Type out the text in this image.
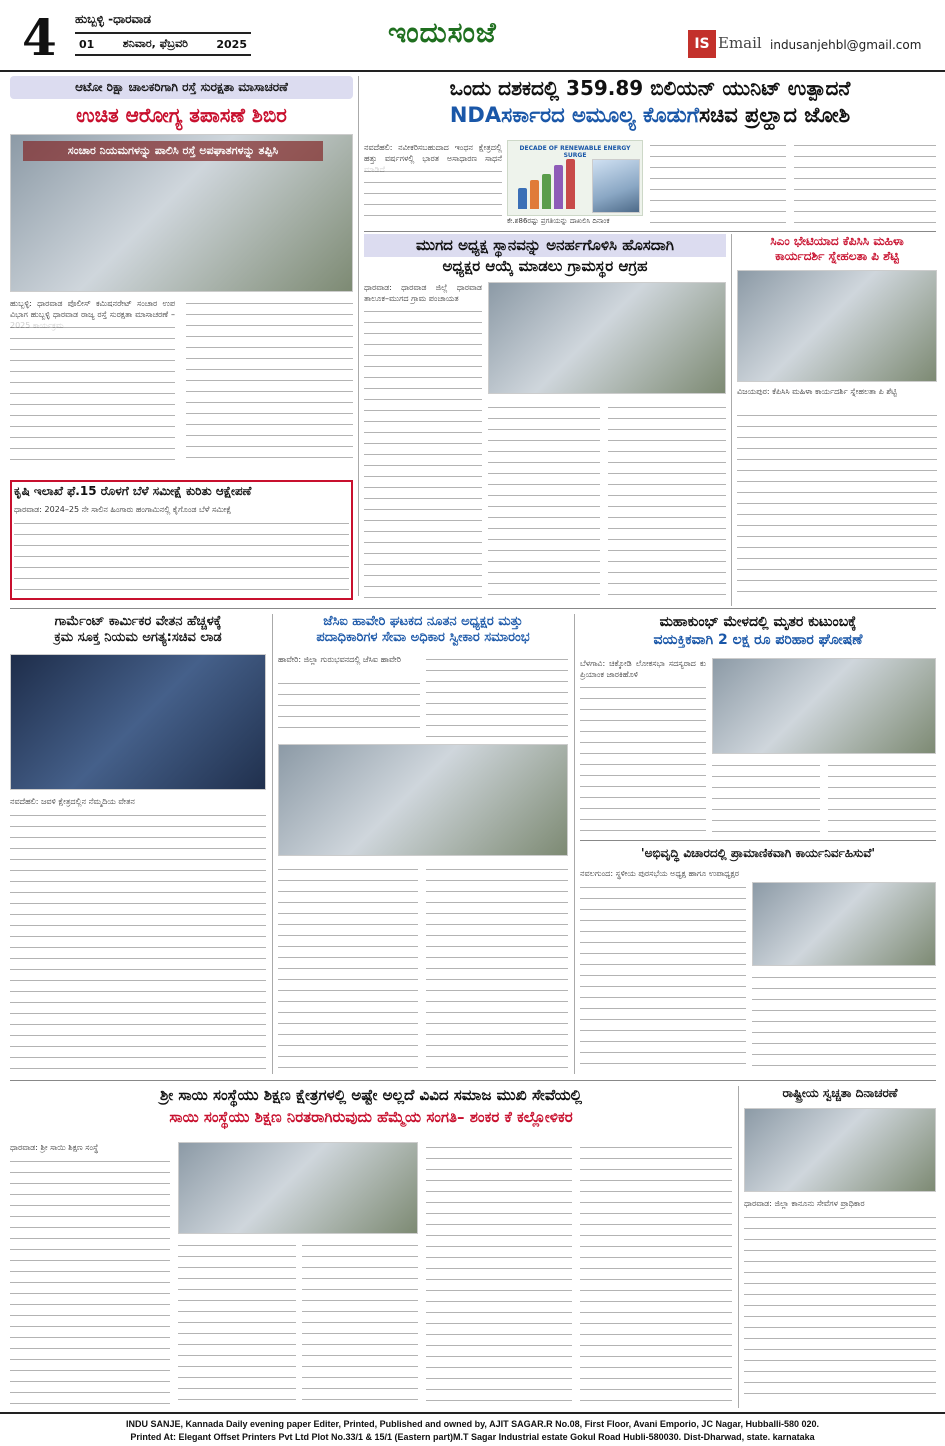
4 ಹುಬ್ಬಳ್ಳಿ -ಧಾರವಾಡ
01	ಶನಿವಾರ, ಫೆಬ್ರವರಿ	2025	ಇಂದುಸಂಜೆ	IS Email indusanjehbl@gmail.com
ಆಟೋ ರಿಕ್ಷಾ ಚಾಲಕರಿಗಾಗಿ ರಸ್ತೆ ಸುರಕ್ಷತಾ ಮಾಸಾಚರಣೆ
ಉಚಿತ ಆರೋಗ್ಯ ತಪಾಸಣೆ ಶಿಬಿರ
ಸಂಚಾರ ನಿಯಮಗಳನ್ನು ಪಾಲಿಸಿ ರಸ್ತೆ ಅಪಘಾತಗಳನ್ನು ತಪ್ಪಿಸಿ
ಹುಬ್ಬಳ್ಳಿ: ಧಾರವಾಡ ಪೊಲೀಸ್ ಕಮಿಷನರೇಟ್ ಸಂಚಾರ ಉಪ ವಿಭಾಗ ಹುಬ್ಬಳ್ಳಿ ಧಾರವಾಡ ರಾಜ್ಯ ರಸ್ತೆ ಸುರಕ್ಷತಾ ಮಾಸಾಚರಣೆ –
ಒಂದು ದಶಕದಲ್ಲಿ 359.89 ಬಿಲಿಯನ್ ಯುನಿಟ್ ಉತ್ಪಾದನೆ
NDAಸರ್ಕಾರದ ಅಮೂಲ್ಯ ಕೊಡುಗೆಸಚಿವ ಪ್ರಲ್ಹಾದ ಜೋಶಿ
ನವದೆಹಲಿ: ನವೀಕರಿಸಬಹುದಾದ ಇಂಧನ ಕ್ಷೇತ್ರದಲ್ಲಿ ಹತ್ತು ವರ್ಷಗಳಲ್ಲಿ ಭಾರತ ಅಸಾಧಾರಣ ಸಾಧನೆ
DECADE OF RENEWABLE ENERGY SURGE
ಕೇ.ಶ86ರಷ್ಟು ಪ್ರಗತಿಯನ್ನು ದಾಖಲಿಸಿ ದಿನಾಂಕ
ಮುಗದ ಅಧ್ಯಕ್ಷ ಸ್ಥಾನವನ್ನು ಅನರ್ಹಗೊಳಿಸಿ ಹೊಸದಾಗಿ
ಅಧ್ಯಕ್ಷರ ಆಯ್ಕೆ ಮಾಡಲು ಗ್ರಾಮಸ್ಥರ ಆಗ್ರಹ
ಧಾರವಾಡ: ಧಾರವಾಡ ಜಿಲ್ಲೆ ಧಾರವಾಡ ತಾಲೂಕ–ಮುಗದ ಗ್ರಾಮ ಪಂಚಾಯತ
ಸಿಎಂ ಭೇಟಿಯಾದ ಕೆಪಿಸಿಸಿ ಮಹಿಳಾ
ಕಾರ್ಯದರ್ಶಿ ಸ್ನೇಹಲತಾ ಪಿ ಶೆಟ್ಟಿ
ವಿಜಯಪುರ: ಕೆಪಿಸಿಸಿ ಮಹಿಳಾ ಕಾರ್ಯದರ್ಶಿ ಸ್ನೇಹಲತಾ ಪಿ ಶೆಟ್ಟಿ
ಕೃಷಿ ಇಲಾಖೆ ಫೆ.15 ರೊಳಗೆ ಬೆಳೆ ಸಮೀಕ್ಷೆ ಕುರಿತು ಆಕ್ಷೇಪಣೆ
ಧಾರವಾಡ: 2024–25 ನೇ ಸಾಲಿನ ಹಿಂಗಾರು ಹಂಗಾಮಿನಲ್ಲಿ ಕೈಗೊಂಡ ಬೆಳೆ ಸಮೀಕ್ಷೆ
ಗಾರ್ಮೆಂಟ್ ಕಾರ್ಮಿಕರ ವೇತನ ಹೆಚ್ಚಳಕ್ಕೆ
ಕ್ರಮ ಸೂಕ್ತ ನಿಯಮ ಅಗತ್ಯ:ಸಚಿವ ಲಾಡ
ನವದೆಹಲಿ: ಜವಳಿ ಕ್ಷೇತ್ರದಲ್ಲಿನ ನೆಮ್ಮದಿಯ ವೇತನ
ಜೆಸಿಐ ಹಾವೇರಿ ಘಟಕದ ನೂತನ ಅಧ್ಯಕ್ಷರ ಮತ್ತು
ಪದಾಧಿಕಾರಿಗಳ ಸೇವಾ ಅಧಿಕಾರ ಸ್ವೀಕಾರ ಸಮಾರಂಭ
ಹಾವೇರಿ: ಜಿಲ್ಲಾ ಗುರುಭವನದಲ್ಲಿ ಜೆಸಿಐ ಹಾವೇರಿ
ಮಹಾಕುಂಭ್ ಮೇಳದಲ್ಲಿ ಮೃತರ ಕುಟುಂಬಕ್ಕೆ
ವಯಕ್ತಿಕವಾಗಿ 2 ಲಕ್ಷ ರೂ ಪರಿಹಾರ ಘೋಷಣೆ
ಬೆಳಗಾವಿ: ಚಿಕ್ಕೋಡಿ ಲೋಕಸಭಾ ಸದಸ್ಯರಾದ ಕು ಪ್ರಿಯಾಂಕ ಜಾರಕಿಹೊಳಿ
'ಅಭಿವೃದ್ಧಿ ವಿಚಾರದಲ್ಲಿ ಪ್ರಾಮಾಣಿಕವಾಗಿ ಕಾರ್ಯನಿರ್ವಹಿಸುವೆ'
ನವಲಗುಂದ: ಸ್ಥಳೀಯ ಪುರಸಭೆಯ ಅಧ್ಯಕ್ಷ ಹಾಗೂ ಉಪಾಧ್ಯಕ್ಷರ
ಶ್ರೀ ಸಾಯಿ ಸಂಸ್ಥೆಯು ಶಿಕ್ಷಣ ಕ್ಷೇತ್ರಗಳಲ್ಲಿ ಅಷ್ಟೇ ಅಲ್ಲದೆ ವಿವಿದ ಸಮಾಜ ಮುಖಿ ಸೇವೆಯಲ್ಲಿ
ಸಾಯಿ ಸಂಸ್ಥೆಯು ಶಿಕ್ಷಣ ನಿರತರಾಗಿರುವುದು ಹೆಮ್ಮೆಯ ಸಂಗತಿ– ಶಂಕರ ಕೆ ಕಲ್ಲೋಳಿಕರ
ಧಾರವಾಡ: ಶ್ರೀ ಸಾಯಿ ಶಿಕ್ಷಣ ಸಂಸ್ಥೆ
ರಾಷ್ಟ್ರೀಯ ಸ್ವಚ್ಚತಾ ದಿನಾಚರಣೆ
ಧಾರವಾಡ: ಜಿಲ್ಲಾ ಕಾನೂನು ಸೇವೆಗಳ ಪ್ರಾಧಿಕಾರ
INDU SANJE, Kannada Daily evening paper Editer, Printed, Published and owned by, AJIT SAGAR.R No.08, First Floor, Avani Emporio, JC Nagar, Hubballi-580 020.
Printed At: Elegant Offset Printers Pvt Ltd Plot No.33/1 & 15/1 (Eastern part)M.T Sagar Industrial estate Gokul Road Hubli-580030. Dist-Dharwad, state. karnataka
